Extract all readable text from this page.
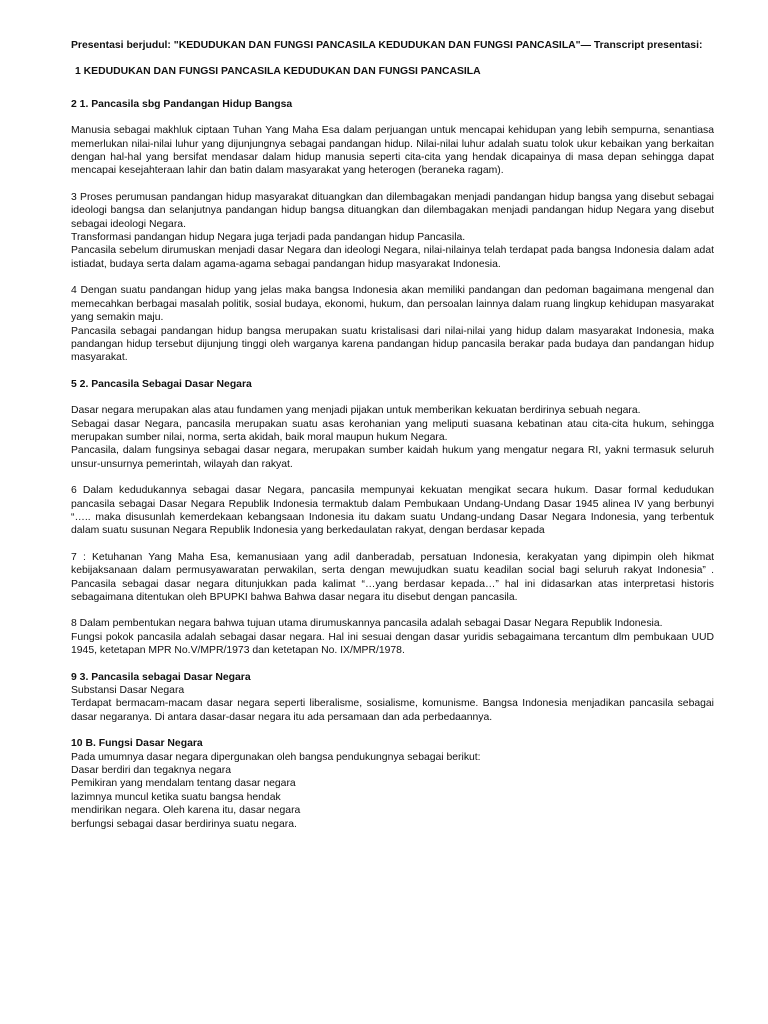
Presentasi berjudul: "KEDUDUKAN DAN FUNGSI PANCASILA KEDUDUKAN DAN FUNGSI PANCASILA"— Transcript presentasi:

1 KEDUDUKAN DAN FUNGSI PANCASILA KEDUDUKAN DAN FUNGSI PANCASILA

2 1. Pancasila sbg Pandangan Hidup Bangsa

Manusia sebagai makhluk ciptaan Tuhan Yang Maha Esa dalam perjuangan untuk mencapai kehidupan yang lebih sempurna, senantiasa memerlukan nilai-nilai luhur yang dijunjungnya sebagai pandangan hidup. Nilai-nilai luhur adalah suatu tolok ukur kebaikan yang berkaitan dengan hal-hal yang bersifat mendasar dalam hidup manusia seperti cita-cita yang hendak dicapainya di masa depan sehingga dapat mencapai kesejahteraan lahir dan batin dalam masyarakat yang heterogen (beraneka ragam).

3 Proses perumusan pandangan hidup masyarakat dituangkan dan dilembagakan menjadi pandangan hidup bangsa yang disebut sebagai ideologi bangsa dan selanjutnya pandangan hidup bangsa dituangkan dan dilembagakan menjadi pandangan hidup Negara yang disebut sebagai ideologi Negara.

Transformasi pandangan hidup Negara juga terjadi pada pandangan hidup Pancasila.

Pancasila sebelum dirumuskan menjadi dasar Negara dan ideologi Negara, nilai-nilainya telah terdapat pada bangsa Indonesia dalam adat istiadat, budaya serta dalam agama-agama sebagai pandangan hidup masyarakat Indonesia.

4 Dengan suatu pandangan hidup yang jelas maka bangsa Indonesia akan memiliki pandangan dan pedoman bagaimana mengenal dan memecahkan berbagai masalah politik, sosial budaya, ekonomi, hukum, dan persoalan lainnya dalam ruang lingkup kehidupan masyarakat yang semakin maju.

Pancasila sebagai pandangan hidup bangsa merupakan suatu kristalisasi dari nilai-nilai yang hidup dalam masyarakat Indonesia, maka pandangan hidup tersebut dijunjung tinggi oleh warganya karena pandangan hidup pancasila berakar pada budaya dan pandangan hidup masyarakat.

5 2. Pancasila Sebagai Dasar Negara

Dasar negara merupakan alas atau fundamen yang menjadi pijakan untuk memberikan kekuatan berdirinya sebuah negara.

Sebagai dasar Negara, pancasila merupakan suatu asas kerohanian yang meliputi suasana kebatinan atau cita-cita hukum, sehingga merupakan sumber nilai, norma, serta akidah, baik moral maupun hukum Negara.

Pancasila, dalam fungsinya sebagai dasar negara, merupakan sumber kaidah hukum yang mengatur negara RI, yakni termasuk seluruh unsur-unsurnya pemerintah, wilayah dan rakyat.

6 Dalam kedudukannya sebagai dasar Negara, pancasila mempunyai kekuatan mengikat secara hukum. Dasar formal kedudukan pancasila sebagai Dasar Negara Republik Indonesia termaktub dalam Pembukaan Undang-Undang Dasar 1945 alinea IV yang berbunyi “….. maka disusunlah kemerdekaan kebangsaan Indonesia itu dakam suatu Undang-undang Dasar Negara Indonesia, yang terbentuk dalam suatu susunan Negara Republik Indonesia yang berkedaulatan rakyat, dengan berdasar kepada

7 : Ketuhanan Yang Maha Esa, kemanusiaan yang adil danberadab, persatuan Indonesia, kerakyatan yang dipimpin oleh hikmat kebijaksanaan dalam permusyawaratan perwakilan, serta dengan mewujudkan suatu keadilan social bagi seluruh rakyat Indonesia” . Pancasila sebagai dasar negara ditunjukkan pada kalimat “…yang berdasar kepada…” hal ini didasarkan atas interpretasi historis sebagaimana ditentukan oleh BPUPKI bahwa Bahwa dasar negara itu disebut dengan pancasila.

8 Dalam pembentukan negara bahwa tujuan utama dirumuskannya pancasila adalah sebagai Dasar Negara Republik Indonesia.

Fungsi pokok pancasila adalah sebagai dasar negara. Hal ini sesuai dengan dasar yuridis sebagaimana tercantum dlm pembukaan UUD 1945, ketetapan MPR No.V/MPR/1973 dan ketetapan No. IX/MPR/1978.

9 3. Pancasila sebagai Dasar Negara

Substansi Dasar Negara

Terdapat bermacam-macam dasar negara seperti liberalisme, sosialisme, komunisme. Bangsa Indonesia menjadikan pancasila sebagai dasar negaranya. Di antara dasar-dasar negara itu ada persamaan dan ada perbedaannya.

10 B. Fungsi Dasar Negara

Pada umumnya dasar negara dipergunakan oleh bangsa pendukungnya sebagai berikut:

Dasar berdiri dan tegaknya negara

Pemikiran yang mendalam tentang dasar negara

lazimnya muncul ketika suatu bangsa hendak

mendirikan negara. Oleh karena itu, dasar negara

berfungsi sebagai dasar berdirinya suatu negara.
